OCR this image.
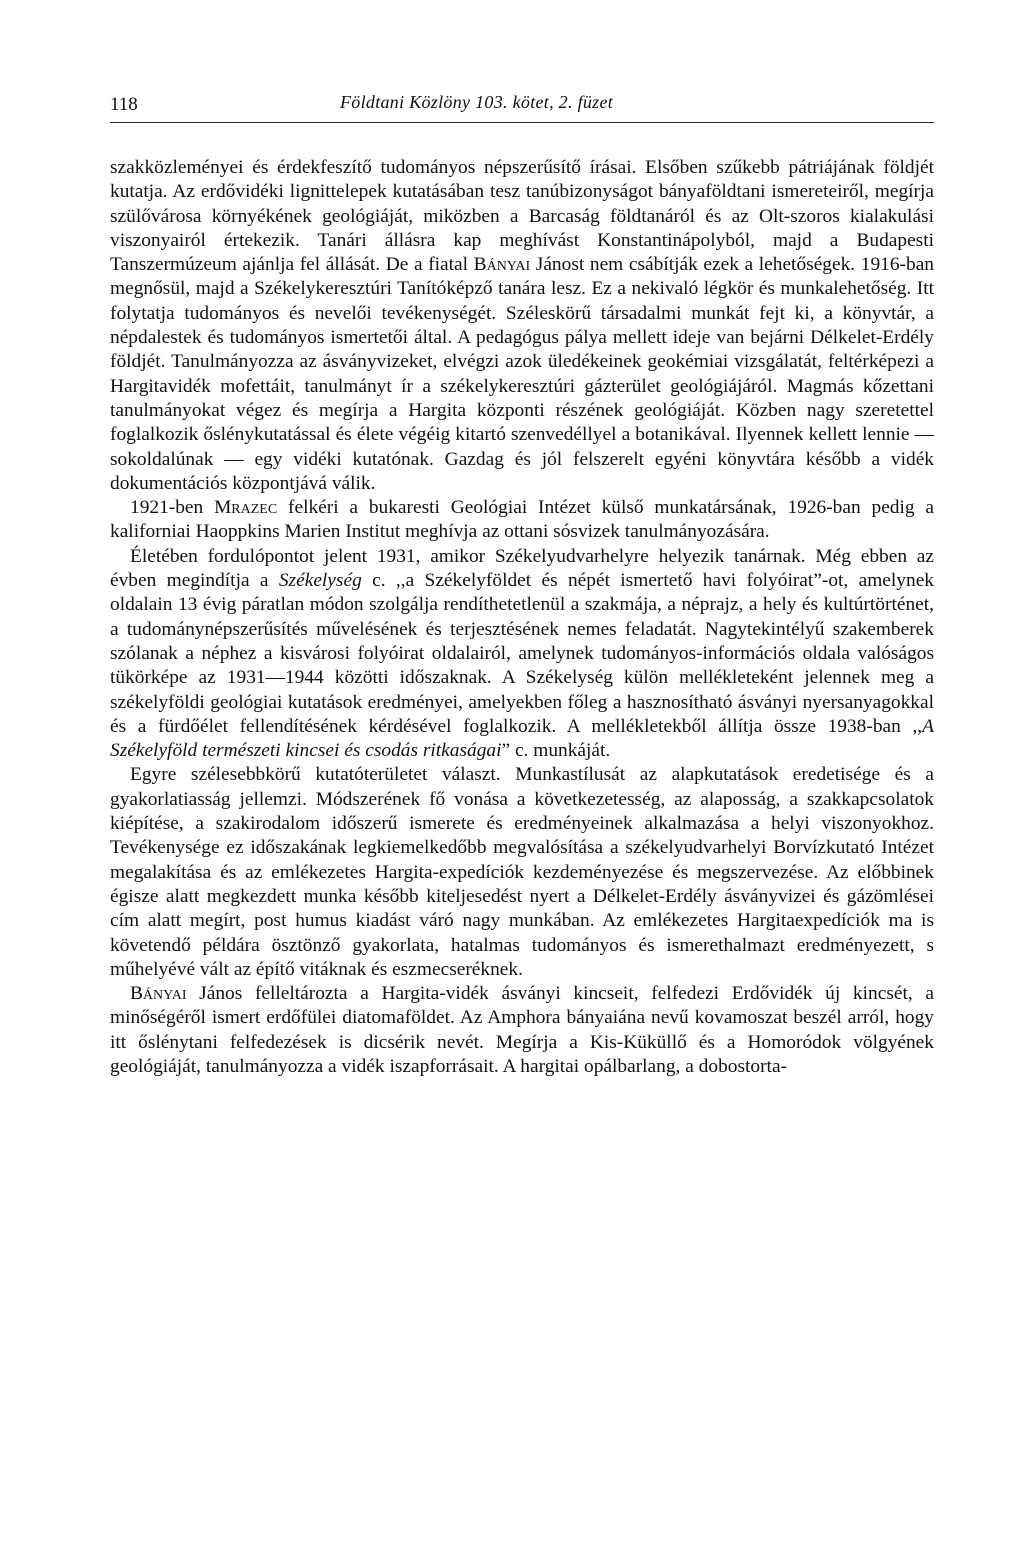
118	Földtani Közlöny 103. kötet, 2. füzet

szakközleményei és érdekfeszítő tudományos népszerűsítő írásai. Elsőben szűkebb pátriájának földjét kutatja. Az erdővidéki lignittelepek kutatásában tesz tanúbizonyságot bányaföldtani ismereteiről, megírja szülővárosa környékének geológiáját, miközben a Barcaság földtanáról és az Olt-szoros kialakulási viszonyairól értekezik. Tanári állásra kap meghívást Konstantinápolyból, majd a Budapesti Tanszermúzeum ajánlja fel állását. De a fiatal Bányai Jánost nem csábítják ezek a lehetőségek. 1916-ban megnősül, majd a Székelykeresztúri Tanítóképző tanára lesz. Ez a nekivaló légkör és munkalehetőség. Itt folytatja tudományos és nevelői tevékenységét. Széleskörű társadalmi munkát fejt ki, a könyvtár, a népdalestek és tudományos ismertetői által. A pedagógus pálya mellett ideje van bejárni Délkelet-Erdély földjét. Tanulmányozza az ásványvizeket, elvégzi azok üledékeinek geokémiai vizsgálatát, feltérképezi a Hargitavidék mofettáit, tanulmányt ír a székelykeresztúri gázterület geológiájáról. Magmás kőzettani tanulmányokat végez és megírja a Hargita központi részének geológiáját. Közben nagy szeretettel foglalkozik őslénykutatással és élete végéig kitartó szenvedéllyel a botanikával. Ilyennek kellett lennie — sokoldalúnak — egy vidéki kutatónak. Gazdag és jól felszerelt egyéni könyvtára később a vidék dokumentációs központjává válik.

1921-ben Mrazec felkéri a bukaresti Geológiai Intézet külső munkatársának, 1926-ban pedig a kaliforniai Haoppkins Marien Institut meghívja az ottani sósvizek tanulmányozására.

Életében fordulópontot jelent 1931, amikor Székelyudvarhelyre helyezik tanárnak. Még ebben az évben megindítja a Székelység c. ,,a Székelyföldet és népét ismertető havi folyóirat”-ot, amelynek oldalain 13 évig páratlan módon szolgálja rendíthetetlenül a szakmája, a néprajz, a hely és kultúrtörténet, a tudománynépszerűsítés művelésének és terjesztésének nemes feladatát. Nagytekintélyű szakemberek szólanak a néphez a kisvárosi folyóirat oldalairól, amelynek tudományos-információs oldala valóságos tükörképe az 1931—1944 közötti időszaknak. A Székelység külön mellékleteként jelennek meg a székelyföldi geológiai kutatások eredményei, amelyekben főleg a hasznosítható ásványi nyersanyagokkal és a fürdőélet fellendítésének kérdésével foglalkozik. A mellékletekből állítja össze 1938-ban ,,A Székelyföld természeti kincsei és csodás ritkaságai” c. munkáját.

Egyre szélesebbkörű kutatóterületet választ. Munkastílusát az alapkutatások eredetisége és a gyakorlatiasság jellemzi. Módszerének fő vonása a következetesség, az alaposság, a szakkapcsolatok kiépítése, a szakirodalom időszerű ismerete és eredményeinek alkalmazása a helyi viszonyokhoz. Tevékenysége ez időszakának legkiemelkedőbb megvalósítása a székelyudvarhelyi Borvízkutató Intézet megalakítása és az emlékezetes Hargita-expedíciók kezdeményezése és megszervezése. Az előbbinek égisze alatt megkezdett munka később kiteljesedést nyert a Délkelet-Erdély ásványvizei és gázömlései cím alatt megírt, post humus kiadást váró nagy munkában. Az emlékezetes Hargitaexpedíciók ma is követendő példára ösztönző gyakorlata, hatalmas tudományos és ismerethalmazt eredményezett, s műhelyévé vált az építő vitáknak és eszmecseréknek.

Bányai János felleltározta a Hargita-vidék ásványi kincseit, felfedezi Erdővidék új kincsét, a minőségéről ismert erdőfülei diatomaföldet. Az Amphora bányaiána nevű kovamoszat beszél arról, hogy itt őslénytani felfedezések is dicsérik nevét. Megírja a Kis-Küküllő és a Homoródok völgyének geológiáját, tanulmányozza a vidék iszapforrásait. A hargitai opálbarlang, a dobostorta-
